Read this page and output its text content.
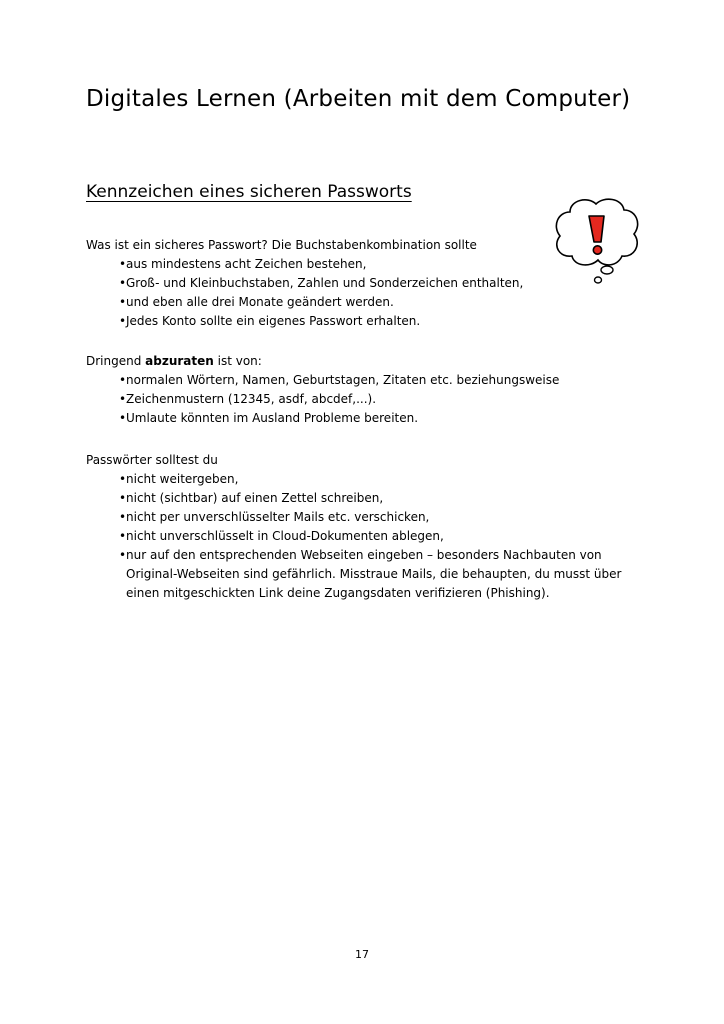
Digitales Lernen (Arbeiten mit dem Computer)
Kennzeichen eines sicheren Passworts

Was ist ein sicheres Passwort? Die Buchstabenkombination sollte

• aus mindestens acht Zeichen bestehen,
• Groß- und Kleinbuchstaben, Zahlen und Sonderzeichen enthalten,
• und eben alle drei Monate geändert werden.
• Jedes Konto sollte ein eigenes Passwort erhalten.

Dringend abzuraten ist von:

• normalen Wörtern, Namen, Geburtstagen, Zitaten etc. beziehungsweise
• Zeichenmustern (12345, asdf, abcdef,...).
• Umlaute könnten im Ausland Probleme bereiten.

Passwörter solltest du

• nicht weitergeben,
• nicht (sichtbar) auf einen Zettel schreiben,
• nicht per unverschlüsselter Mails etc. verschicken,
• nicht unverschlüsselt in Cloud-Dokumenten ablegen,
• nur auf den entsprechenden Webseiten eingeben – besonders Nachbauten von Original-Webseiten sind gefährlich. Misstraue Mails, die behaupten, du musst über einen mitgeschickten Link deine Zugangsdaten verifizieren (Phishing).
17
